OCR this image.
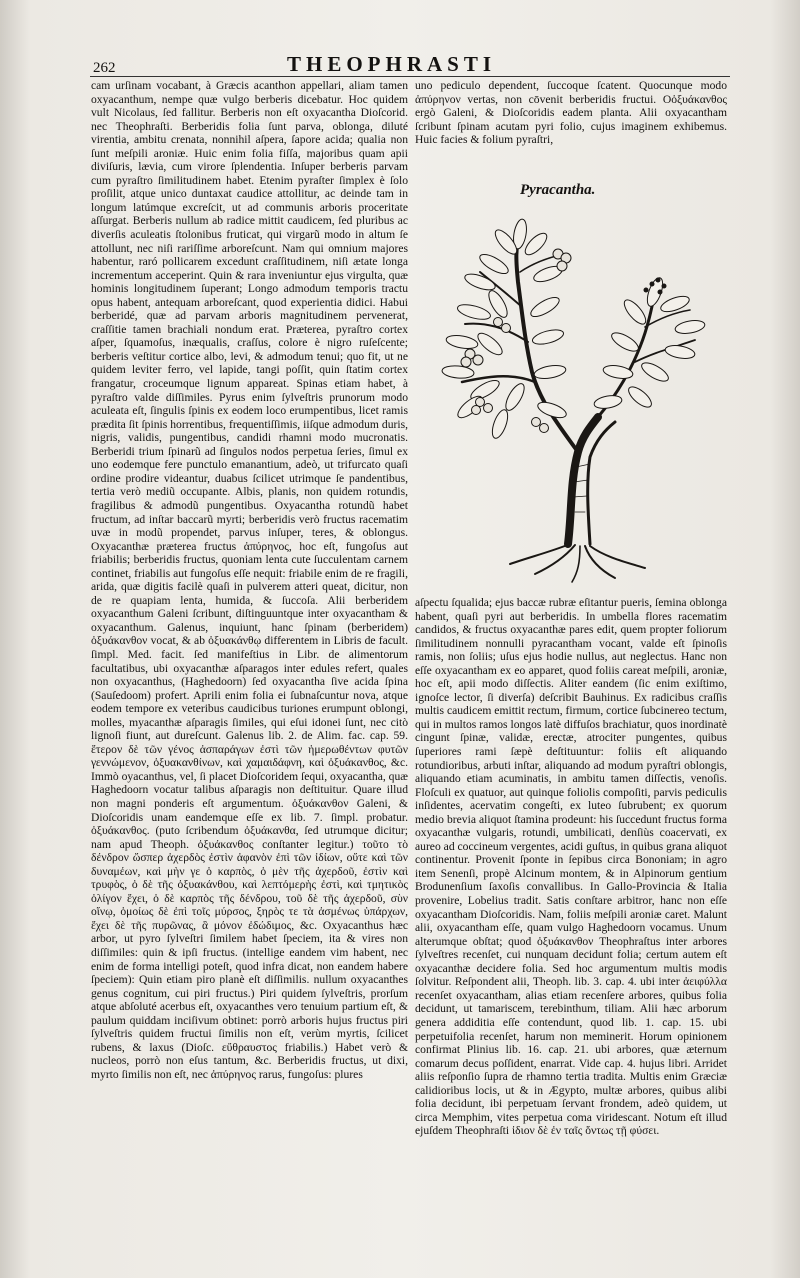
262	THEOPHRASTI

cam urſinam vocabant, à Græcis acanthon appellari, aliam tamen oxyacanthum, nempe quæ vulgo berberis dicebatur. Hoc quidem vult Nicolaus, ſed fallitur. Berberis non eſt oxyacantha Dioſcorid. nec Theophraſti. Berberidis folia ſunt parva, oblonga, diluté virentia, ambitu crenata, nonnihil aſpera, ſapore acida; qualia non ſunt meſpili aroniæ. Huic enim folia fiſſa, majoribus quam apii diviſuris, lævia, cum virore ſplendentia. Inſuper berberis parvam cum pyraſtro ſimilitudinem habet. Etenim pyraſter ſimplex è ſolo proſilit, atque unico duntaxat caudice attollitur, ac deinde tam in longum latúmque excreſcit, ut ad communis arboris proceritate aſſurgat. Berberis nullum ab radice mittit caudicem, ſed pluribus ac diverſis aculeatis ſtolonibus fruticat, qui virgarũ modo in altum ſe attollunt, nec niſi rariſſime arboreſcunt. Nam qui omnium majores habentur, raró pollicarem excedunt craſſitudinem, niſi ætate longa incrementum acceperint. Quin & rara inveniuntur ejus virgulta, quæ hominis longitudinem ſuperant; Longo admodum temporis tractu opus habent, antequam arboreſcant, quod experientia didici. Habui berberidé, quæ ad parvam arboris magnitudinem pervenerat, craſſitie tamen brachiali nondum erat. Præterea, pyraſtro cortex aſper, ſquamoſus, inæqualis, craſſus, colore è nigro ruſeſcente; berberis veſtitur cortice albo, levi, & admodum tenui; quo fit, ut ne quidem leviter ferro, vel lapide, tangi poſſit, quin ſtatim cortex frangatur, croceumque lignum appareat. Spinas etiam habet, à pyraſtro valde diſſimiles. Pyrus enim ſylveſtris prunorum modo aculeata eſt, ſingulis ſpinis ex eodem loco erumpentibus, licet ramis prædita ſit ſpinis horrentibus, frequentiſſimis, iiſque admodum duris, nigris, validis, pungentibus, candidi rhamni modo mucronatis. Berberidi trium ſpinarũ ad ſingulos nodos perpetua ſeries, ſimul ex uno eodemque fere punctulo emanantium, adeò, ut trifurcato quaſi ordine prodire videantur, duabus ſcilicet utrimque ſe pandentibus, tertia verò mediũ occupante. Albis, planis, non quidem rotundis, fragilibus & admodũ pungentibus. Oxyacantha rotundũ habet fructum, ad inſtar baccarũ myrti; berberidis verò fructus racematim uvæ in modũ propendet, parvus inſuper, teres, & oblongus. Oxyacanthæ præterea fructus ἀπύρηνος, hoc eſt, fungoſus aut friabilis; berberidis fructus, quoniam lenta cute ſucculentam carnem continet, friabilis aut fungoſus eſſe nequit: friabile enim de re fragili, arida, quæ digitis facilè quaſi in pulverem atteri queat, dicitur, non de re quapiam lenta, humida, & ſuccoſa. Alii berberidem oxyacanthum Galeni ſcribunt, diſtinguuntque inter oxyacantham & oxyacanthum. Galenus, inquiunt, hanc ſpinam (berberidem) ὀξυάκανθον vocat, & ab ὀξυακάνθῳ differentem in Libris de facult. ſimpl. Med. facit. ſed manifeſtius in Libr. de alimentorum facultatibus, ubi oxyacanthæ aſparagos inter edules refert, quales non oxyacanthus, (Haghedoorn) ſed oxyacantha ſive acida ſpina (Sauſedoom) profert. Aprili enim folia ei ſubnaſcuntur nova, atque eodem tempore ex veteribus caudicibus turiones erumpunt oblongi, molles, myacanthæ aſparagis ſimiles, qui eſui idonei ſunt, nec citò lignoſi fiunt, aut dureſcunt. Galenus lib. 2. de Alim. fac. cap. 59. ἕτερον δὲ τῶν γένος ἀσπαράγων ἐστὶ τῶν ἡμερωθέντων φυτῶν γεννώμενον, ὀξυακανθίνων, καὶ χαμαιδάφνη, καὶ ὀξυάκανθος, &c. Immò oyacanthus, vel, ſi placet Dioſcoridem ſequi, oxyacantha, quæ Haghedoorn vocatur talibus aſparagis non deſtituitur. Quare illud non magni ponderis eſt argumentum. ὀξυάκανθον Galeni, & Dioſcoridis unam eandemque eſſe ex lib. 7. ſimpl. probatur. ὀξυάκανθος. (puto ſcribendum ὀξυάκανθα, ſed utrumque dicitur; nam apud Theoph. ὀξυάκανθος conſtanter legitur.) τοῦτο τὸ δένδρον ὥσπερ ἀχερδὸς ἐστὶν ἀφανὸν ἐπὶ τῶν ἰδίων, οὔτε καὶ τῶν δυναμέων, καὶ μὴν γε ὁ καρπὸς, ὁ μὲν τῆς ἀχερδοῦ, ἐστὶν καὶ τρυφὸς, ὁ δὲ τῆς ὀξυακάνθου, καὶ λεπτόμερὴς ἐστὶ, καὶ τμητικὸς ὀλίγον ἔχει, ὁ δὲ καρπὸς τῆς δένδρου, τοῦ δὲ τῆς ἀχερδοῦ, σὺν οἴνῳ, ὁμοίως δὲ ἐπὶ τοῖς μύρσος, ξηρὸς τε τὰ ἀσμένως ὑπάρχων, ἔχει δὲ τῆς πυρῶνας, ἃ μόνον ἐδώδιμος, &c. Oxyacanthus hæc arbor, ut pyro ſylveſtri ſimilem habet ſpeciem, ita & vires non diſſimiles: quin & ipſi fructus. (intellige eandem vim habent, nec enim de forma intelligi poteſt, quod infra dicat, non eandem habere ſpeciem): Quin etiam piro planè eſt diſſimilis. nullum oxyacanthes genus cognitum, cui piri fructus.) Piri quidem ſylveſtris, prorſum atque abſoluté acerbus eſt, oxyacanthes vero tenuium partium eſt, & paulum quiddam inciſivum obtinet: porrò arboris hujus fructus piri ſylveſtris quidem fructui ſimilis non eſt, verùm myrtis, ſcilicet rubens, & laxus (Dioſc. εὔθραυστος friabilis.) Habet verò & nucleos, porrò non eſus tantum, &c. Berberidis fructus, ut dixi, myrto ſimilis non eſt, nec ἀπύρηνος rarus, fungoſus: plures

uno pediculo dependent, ſuccoque ſcatent. Quocunque modo ἀπύρηνον vertas, non cōvenit berberidis fructui. Oὀξυάκανθος ergò Galeni, & Dioſcoridis eadem planta. Alii oxyacantham ſcribunt ſpinam acutam pyri folio, cujus imaginem exhibemus. Huic facies & folium pyraſtri,

Pyracantha.

aſpectu ſqualida; ejus baccæ rubræ eſitantur pueris, ſemina oblonga habent, quaſi pyri aut berberidis. In umbella flores racematim candidos, & fructus oxyacanthæ pares edit, quem propter foliorum ſimilitudinem nonnulli pyracantham vocant, valde eſt ſpinoſis ramis, non ſoliis; uſus ejus hodie nullus, aut neglectus. Hanc non eſſe oxyacantham ex eo apparet, quod foliis careat meſpili, aroniæ, hoc eſt, apii modo diſſectis. Aliter eandem (ſic enim exiſtimo, ignoſce lector, ſi diverſa) deſcribit Bauhinus. Ex radicibus craſſis multis caudicem emittit rectum, firmum, cortice ſubcinereo tectum, qui in multos ramos longos latè diffuſos brachiatur, quos inordinatè cingunt ſpinæ, validæ, erectæ, atrociter pungentes, quibus ſuperiores rami ſæpè deſtituuntur: foliis eſt aliquando rotundioribus, arbuti inſtar, aliquando ad modum pyraſtri oblongis, aliquando etiam acuminatis, in ambitu tamen diſſectis, venoſis. Floſculi ex quatuor, aut quinque foliolis compoſiti, parvis pediculis inſidentes, acervatim congeſti, ex luteo ſubrubent; ex quorum medio brevia aliquot ſtamina prodeunt: his ſuccedunt fructus forma oxyacanthæ vulgaris, rotundi, umbilicati, denſiùs coacervati, ex aureo ad coccineum vergentes, acidi guſtus, in quibus grana aliquot continentur. Provenit ſponte in ſepibus circa Bononiam; in agro item Senenſi, propè Alcinum montem, & in Alpinorum gentium Brodunenſium ſaxoſis convallibus. In Gallo-Provincia & Italia provenire, Lobelius tradit. Satis conſtare arbitror, hanc non eſſe oxyacantham Dioſcoridis. Nam, foliis meſpili aroniæ caret. Malunt alii, oxyacantham eſſe, quam vulgo Haghedoorn vocamus. Unum alterumque obſtat; quod ὀξυάκανθον Theophraſtus inter arbores ſylveſtres recenſet, cui nunquam decidunt folia; certum autem eſt oxyacanthæ decidere folia. Sed hoc argumentum multis modis ſolvitur. Reſpondent alii, Theoph. lib. 3. cap. 4. ubi inter ἀειφύλλα recenſet oxyacantham, alias etiam recenſere arbores, quibus folia decidunt, ut tamariscem, terebinthum, tiliam. Alii hæc arborum genera addiditia eſſe contendunt, quod lib. 1. cap. 15. ubi perpetuifolia recenſet, harum non meminerit. Horum opinionem confirmat Plinius lib. 16. cap. 21. ubi arbores, quæ æternum comarum decus poſſident, enarrat. Vide cap. 4. hujus libri. Arridet aliis reſponſio ſupra de rhamno tertia tradita. Multis enim Græciæ calidioribus locis, ut & in Ægypto, multæ arbores, quibus alibi folia decidunt, ibi perpetuam ſervant frondem, adeò quidem, ut circa Memphim, vites perpetua coma viridescant. Notum eſt illud ejuſdem Theophraſti ἰδιον δὲ ἐν ταῖς ὄντως τῇ φύσει.
